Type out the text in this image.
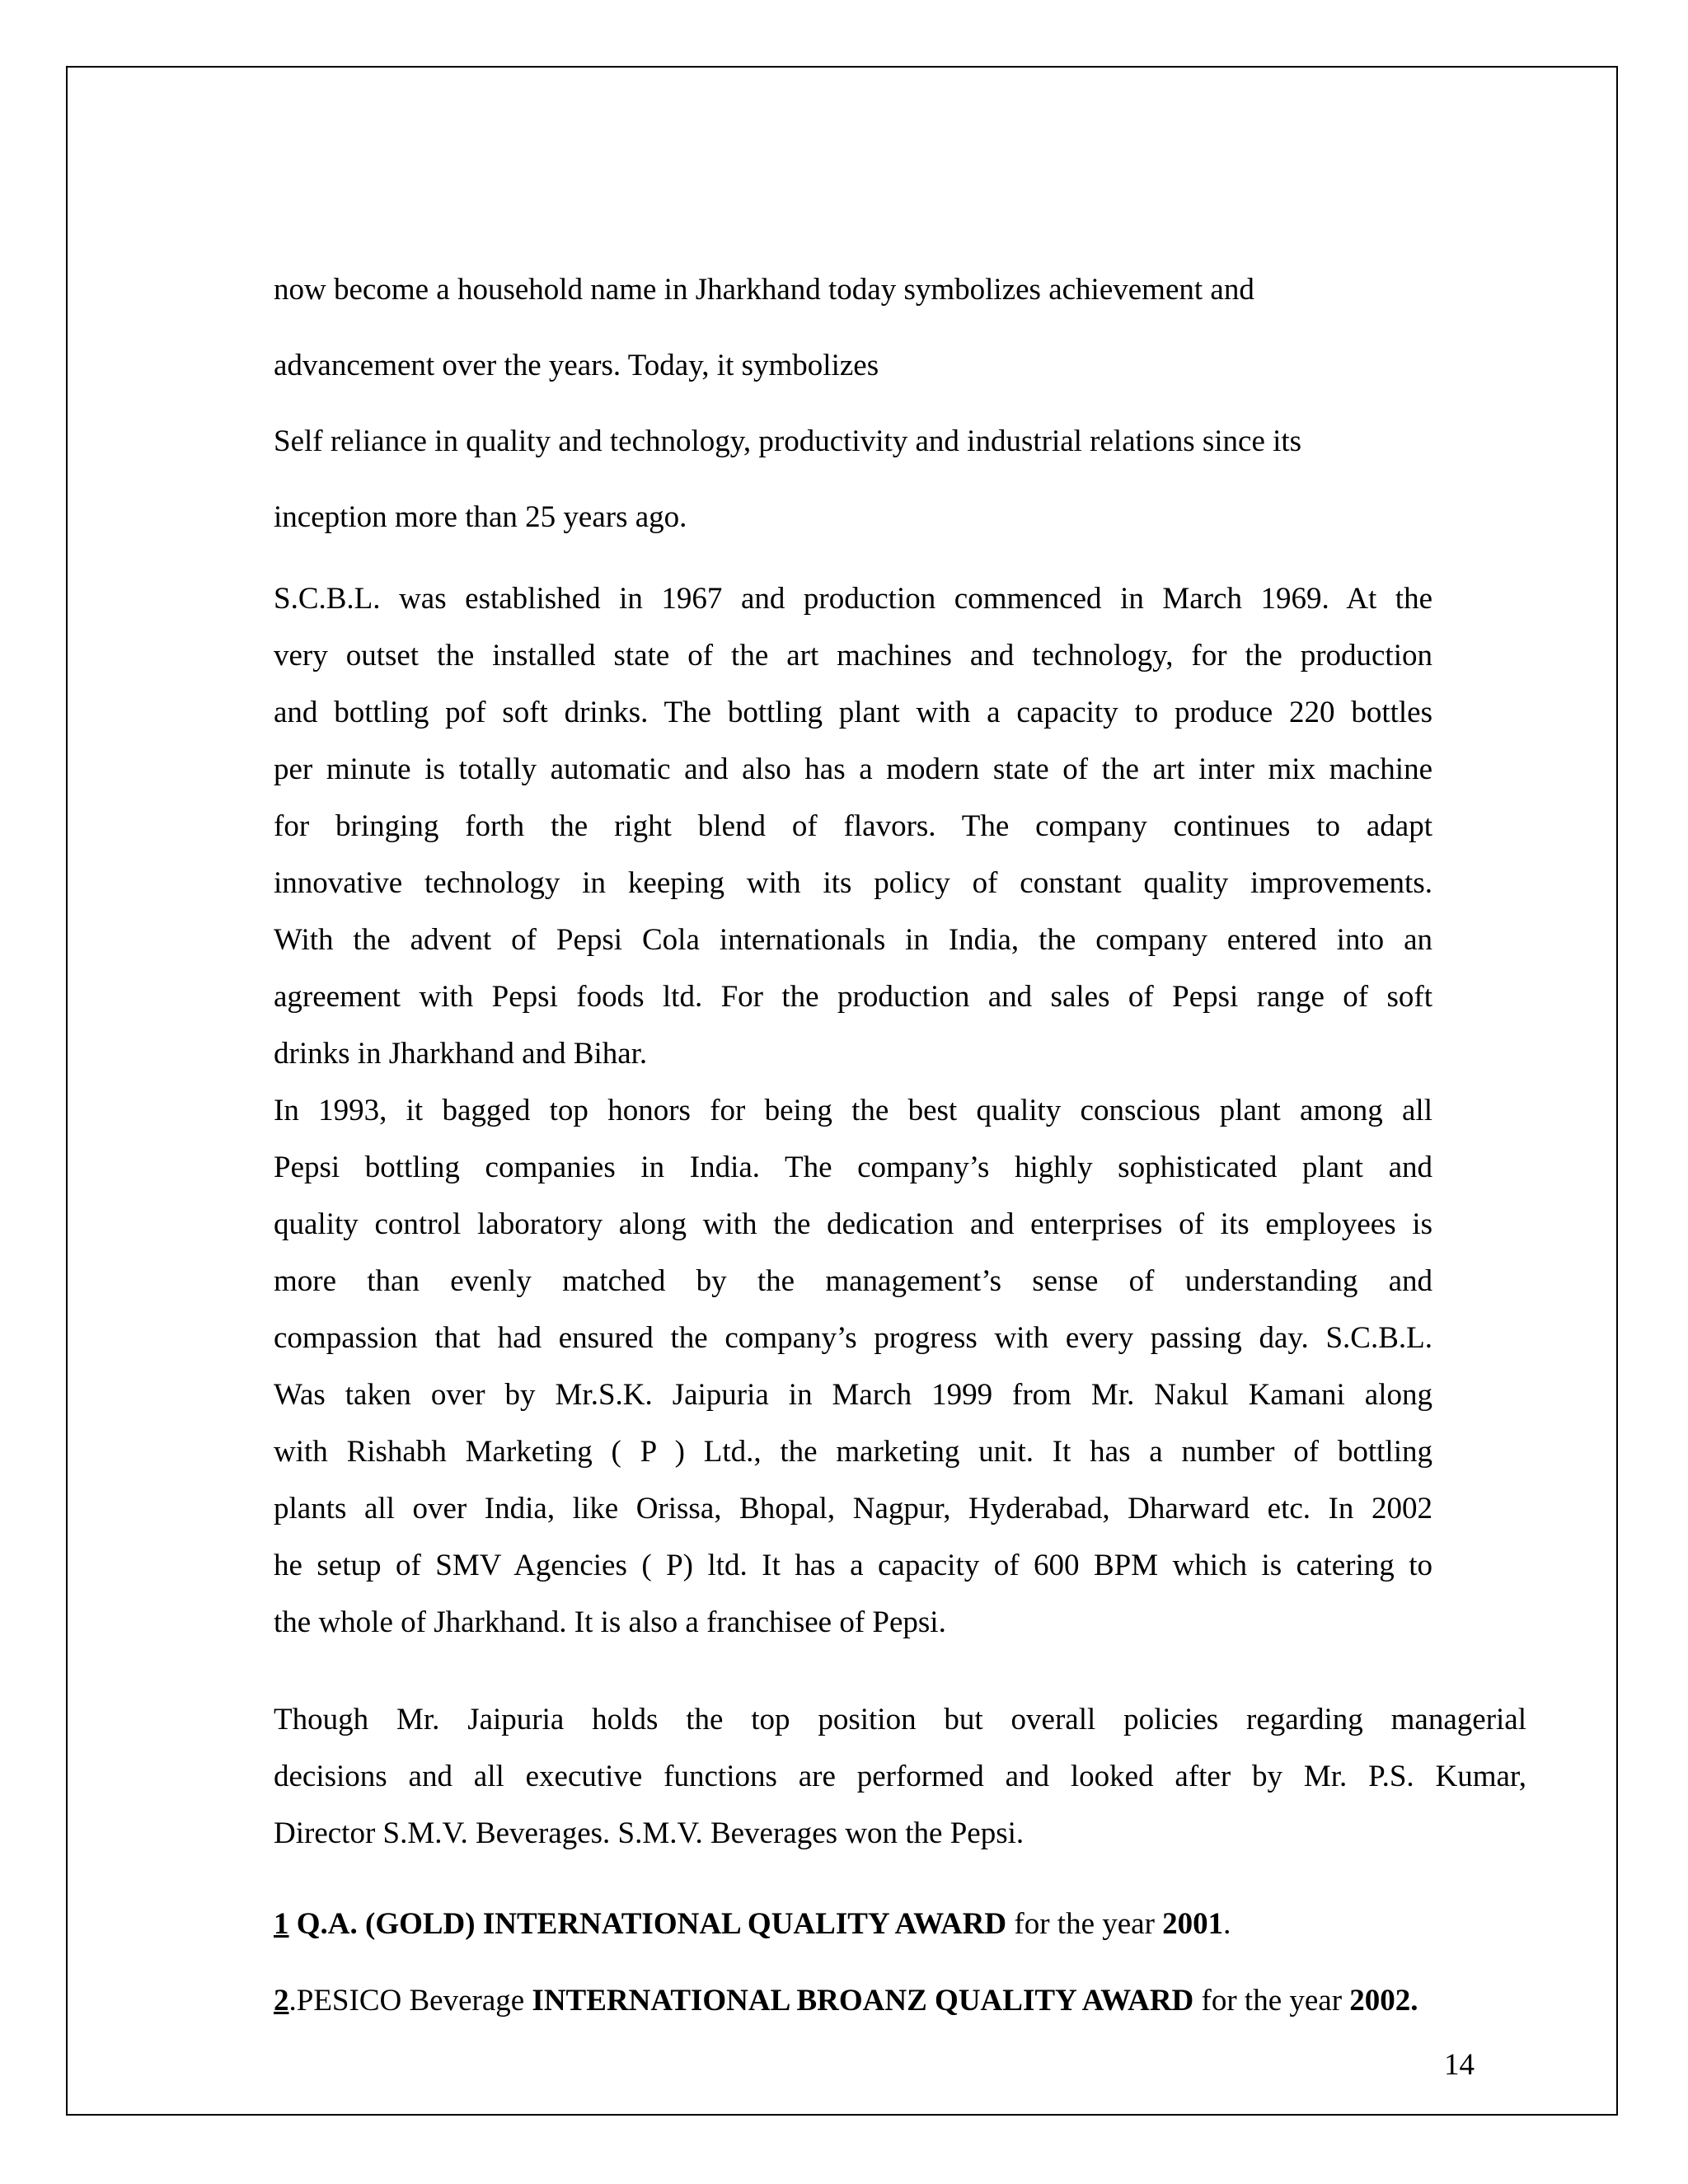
now become a household name in Jharkhand today symbolizes achievement and

advancement over the years. Today, it symbolizes

Self reliance in quality and technology, productivity and industrial relations since its

inception more than 25 years ago.

S.C.B.L. was established in 1967 and production commenced in March 1969. At the
very outset the installed state of the art machines and technology, for the production
and bottling pof soft drinks. The bottling plant with a capacity to produce 220 bottles
per minute is totally automatic and also has a modern state of the art inter mix machine
for bringing forth the right blend of flavors. The company continues to adapt
innovative technology in keeping with its policy of constant quality improvements.
With the advent of Pepsi Cola internationals in India, the company entered into an
agreement with Pepsi foods ltd. For the production and sales of Pepsi range of soft
drinks in Jharkhand and Bihar.
In 1993, it bagged top honors for being the best quality conscious plant among all
Pepsi bottling companies in India. The company’s highly sophisticated plant and
quality control laboratory along with the dedication and enterprises of its employees is
more than evenly matched by the management’s sense of understanding and
compassion that had ensured the company’s progress with every passing day. S.C.B.L.
Was taken over by Mr.S.K. Jaipuria in March 1999 from Mr. Nakul Kamani along
with Rishabh Marketing ( P ) Ltd., the marketing unit. It has a number of bottling
plants all over India, like Orissa, Bhopal, Nagpur, Hyderabad, Dharward etc. In 2002
he setup of SMV Agencies ( P) ltd. It has a capacity of 600 BPM which is catering to
the whole of Jharkhand. It is also a franchisee of Pepsi.
Though Mr. Jaipuria holds the top position but overall policies regarding managerial
decisions and all executive functions are performed and looked after by Mr. P.S. Kumar,
Director S.M.V. Beverages. S.M.V. Beverages won the Pepsi.
1 Q.A. (GOLD) INTERNATIONAL QUALITY AWARD for the year 2001.
2.PESICO Beverage INTERNATIONAL BROANZ QUALITY AWARD for the year 2002.
14
